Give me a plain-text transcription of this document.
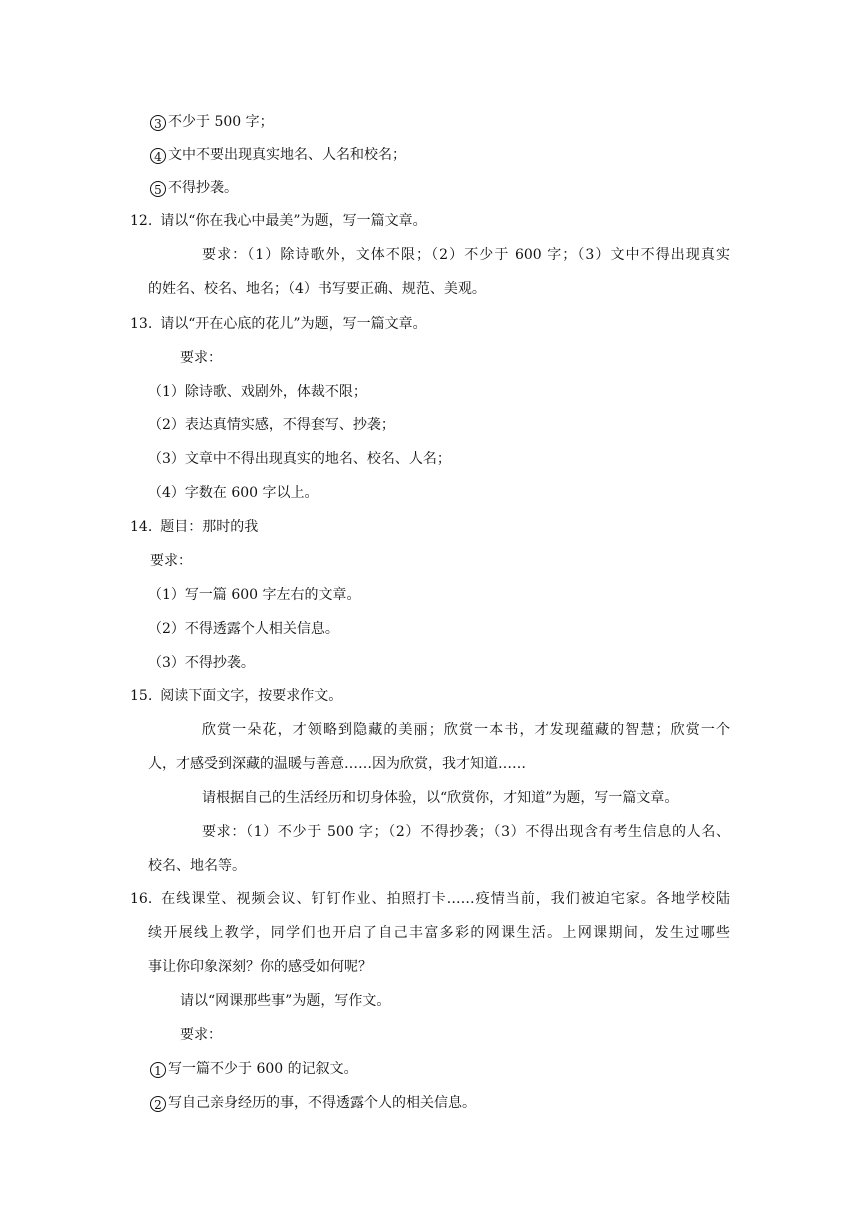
3 不少于 500 字；
4 文中不要出现真实地名、人名和校名；
5 不得抄袭。
12. 请以“你在我心中最美”为题，写一篇文章。
要求：（1）除诗歌外，文体不限；（2）不少于 600 字；（3）文中不得出现真实
的姓名、校名、地名；（4）书写要正确、规范、美观。
13. 请以“开在心底的花儿”为题，写一篇文章。
要求：
（1）除诗歌、戏剧外，体裁不限；
（2）表达真情实感，不得套写、抄袭；
（3）文章中不得出现真实的地名、校名、人名；
（4）字数在 600 字以上。
14. 题目：那时的我
要求：
（1）写一篇 600 字左右的文章。
（2）不得透露个人相关信息。
（3）不得抄袭。
15. 阅读下面文字，按要求作文。
欣赏一朵花，才领略到隐藏的美丽；欣赏一本书，才发现蕴藏的智慧；欣赏一个
人，才感受到深藏的温暖与善意……因为欣赏，我才知道……
请根据自己的生活经历和切身体验，以“欣赏你，才知道”为题，写一篇文章。
要求：（1）不少于 500 字；（2）不得抄袭；（3）不得出现含有考生信息的人名、
校名、地名等。
16. 在线课堂、视频会议、钉钉作业、拍照打卡……疫情当前，我们被迫宅家。各地学校陆
续开展线上教学，同学们也开启了自己丰富多彩的网课生活。上网课期间，发生过哪些
事让你印象深刻？你的感受如何呢？
请以“网课那些事”为题，写作文。
要求：
1 写一篇不少于 600 的记叙文。
2 写自己亲身经历的事，不得透露个人的相关信息。
